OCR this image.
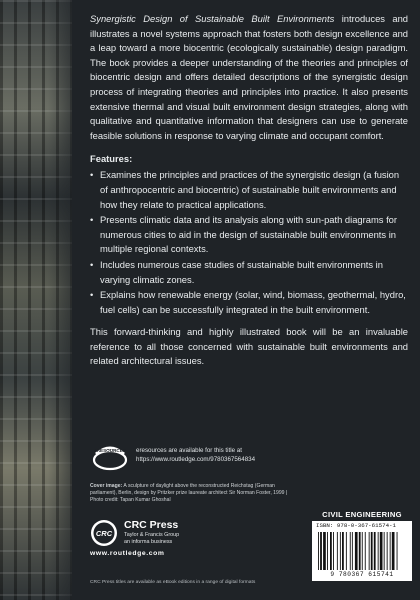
Synergistic Design of Sustainable Built Environments introduces and illustrates a novel systems approach that fosters both design excellence and a leap toward a more biocentric (ecologically sustainable) design paradigm. The book provides a deeper understanding of the theories and principles of biocentric design and offers detailed descriptions of the synergistic design process of integrating theories and principles into practice. It also presents extensive thermal and visual built environment design strategies, along with qualitative and quantitative information that designers can use to generate feasible solutions in response to varying climate and occupant comfort.

Features:
• Examines the principles and practices of the synergistic design (a fusion of anthropocentric and biocentric) of sustainable built environments and how they relate to practical applications.
• Presents climatic data and its analysis along with sun-path diagrams for numerous cities to aid in the design of sustainable built environments in multiple regional contexts.
• Includes numerous case studies of sustainable built environments in varying climatic zones.
• Explains how renewable energy (solar, wind, biomass, geothermal, hydro, fuel cells) can be successfully integrated in the built environment.

This forward-thinking and highly illustrated book will be an invaluable reference to all those concerned with sustainable built environments and related architectural issues.

eRESOURCES eresources are available for this title at
https://www.routledge.com/9780367564834
Cover image: A sculpture of daylight above the reconstructed Reichstag (German parliament), Berlin, design by Pritzker prize laureate architect Sir Norman Foster, 1999 | Photo credit: Tapan Kumar Ghoshal
CRC
CRC Press
Taylor & Francis Group
an informa business
www.routledge.com
CRC Press titles are available as eBook editions in a range of digital formats
CIVIL ENGINEERING
ISBN: 978-0-367-61574-1
9 780367 615741
